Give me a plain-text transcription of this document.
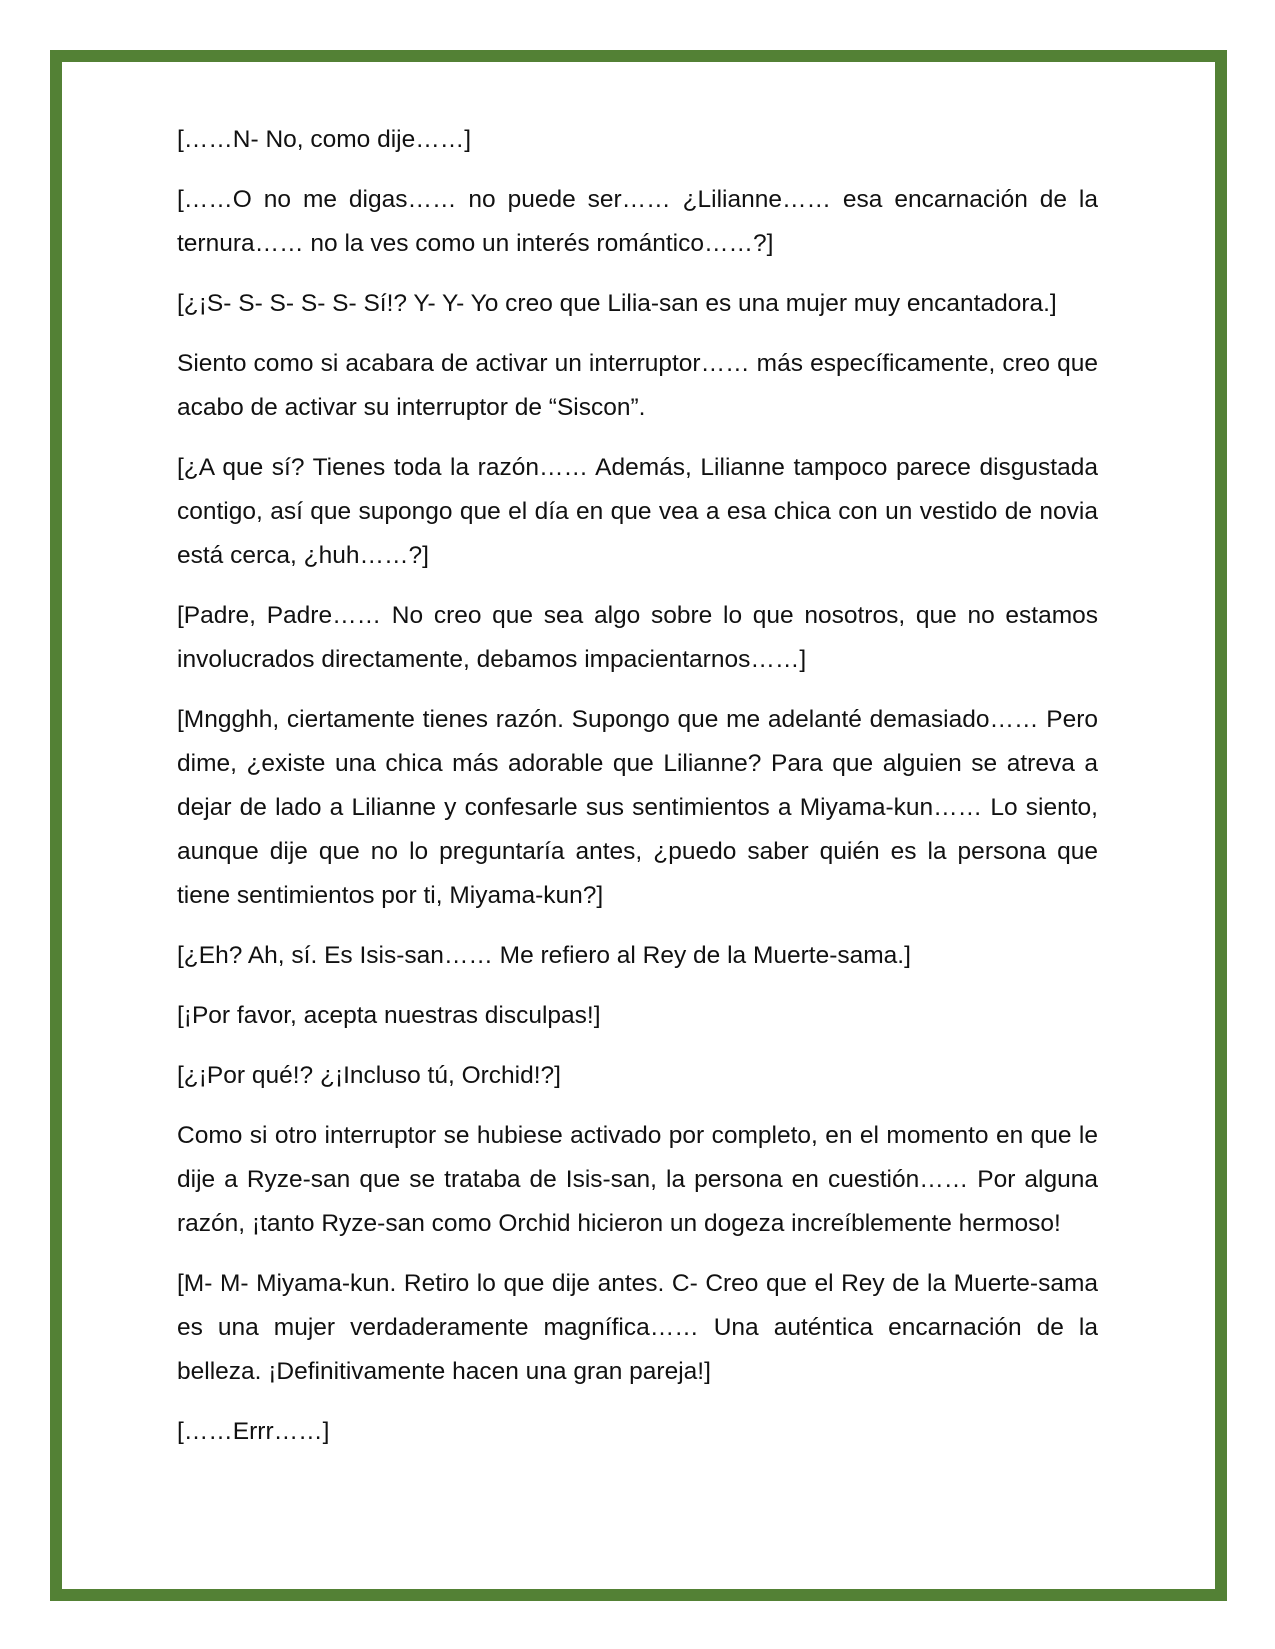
[……N- No, como dije……]

[……O no me digas…… no puede ser…… ¿Lilianne…… esa encarnación de la ternura…… no la ves como un interés romántico……?]

[¿¡S- S- S- S- S- Sí!? Y- Y- Yo creo que Lilia-san es una mujer muy encantadora.]

Siento como si acabara de activar un interruptor…… más específicamente, creo que acabo de activar su interruptor de “Siscon”.

[¿A que sí? Tienes toda la razón…… Además, Lilianne tampoco parece disgustada contigo, así que supongo que el día en que vea a esa chica con un vestido de novia está cerca, ¿huh……?]

[Padre, Padre…… No creo que sea algo sobre lo que nosotros, que no estamos involucrados directamente, debamos impacientarnos……]

[Mngghh, ciertamente tienes razón. Supongo que me adelanté demasiado…… Pero dime, ¿existe una chica más adorable que Lilianne? Para que alguien se atreva a dejar de lado a Lilianne y confesarle sus sentimientos a Miyama-kun…… Lo siento, aunque dije que no lo preguntaría antes, ¿puedo saber quién es la persona que tiene sentimientos por ti, Miyama-kun?]

[¿Eh? Ah, sí. Es Isis-san…… Me refiero al Rey de la Muerte-sama.]

[¡Por favor, acepta nuestras disculpas!]

[¿¡Por qué!? ¿¡Incluso tú, Orchid!?]

Como si otro interruptor se hubiese activado por completo, en el momento en que le dije a Ryze-san que se trataba de Isis-san, la persona en cuestión…… Por alguna razón, ¡tanto Ryze-san como Orchid hicieron un dogeza increíblemente hermoso!

[M- M- Miyama-kun. Retiro lo que dije antes. C- Creo que el Rey de la Muerte-sama es una mujer verdaderamente magnífica…… Una auténtica encarnación de la belleza. ¡Definitivamente hacen una gran pareja!]

[……Errr……]
